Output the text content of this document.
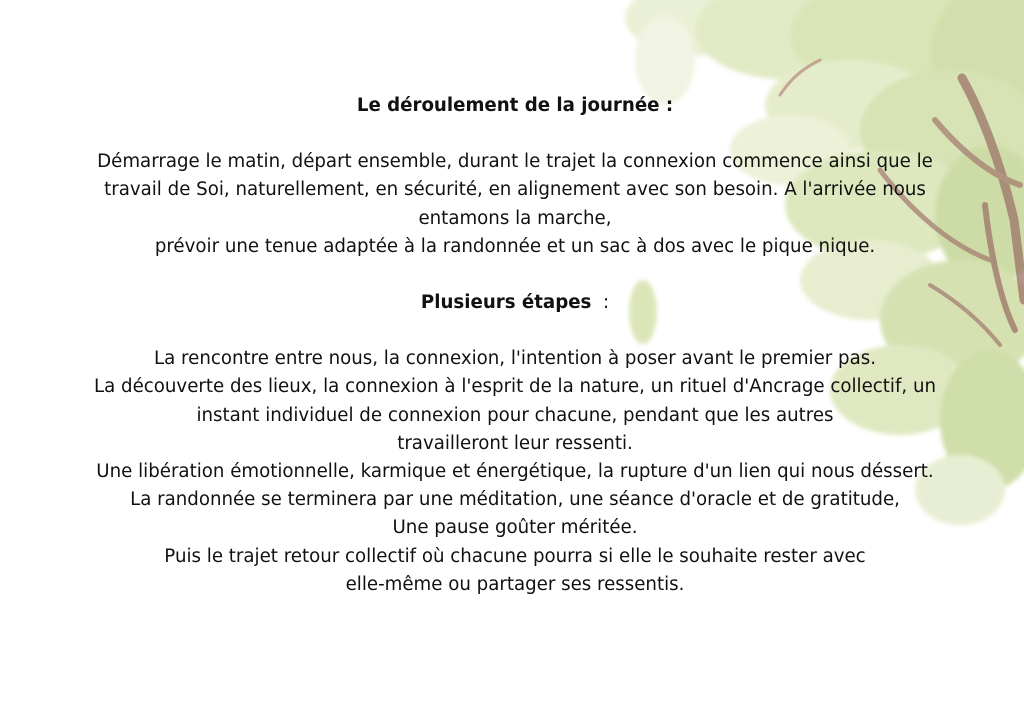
Le déroulement de la journée :

Démarrage le matin, départ ensemble, durant le trajet la connexion commence ainsi que le

travail de Soi, naturellement, en sécurité, en alignement avec son besoin. A l'arrivée nous

entamons la marche,

prévoir une tenue adaptée à la randonnée et un sac à dos avec le pique nique.

Plusieurs étapes  :

La rencontre entre nous, la connexion, l'intention à poser avant le premier pas.

La découverte des lieux, la connexion à l'esprit de la nature, un rituel d'Ancrage collectif, un

instant individuel de connexion pour chacune, pendant que les autres

travailleront leur ressenti.

Une libération émotionnelle, karmique et énergétique, la rupture d'un lien qui nous déssert.

La randonnée se terminera par une méditation, une séance d'oracle et de gratitude,

Une pause goûter méritée.

Puis le trajet retour collectif où chacune pourra si elle le souhaite rester avec

elle-même ou partager ses ressentis.
